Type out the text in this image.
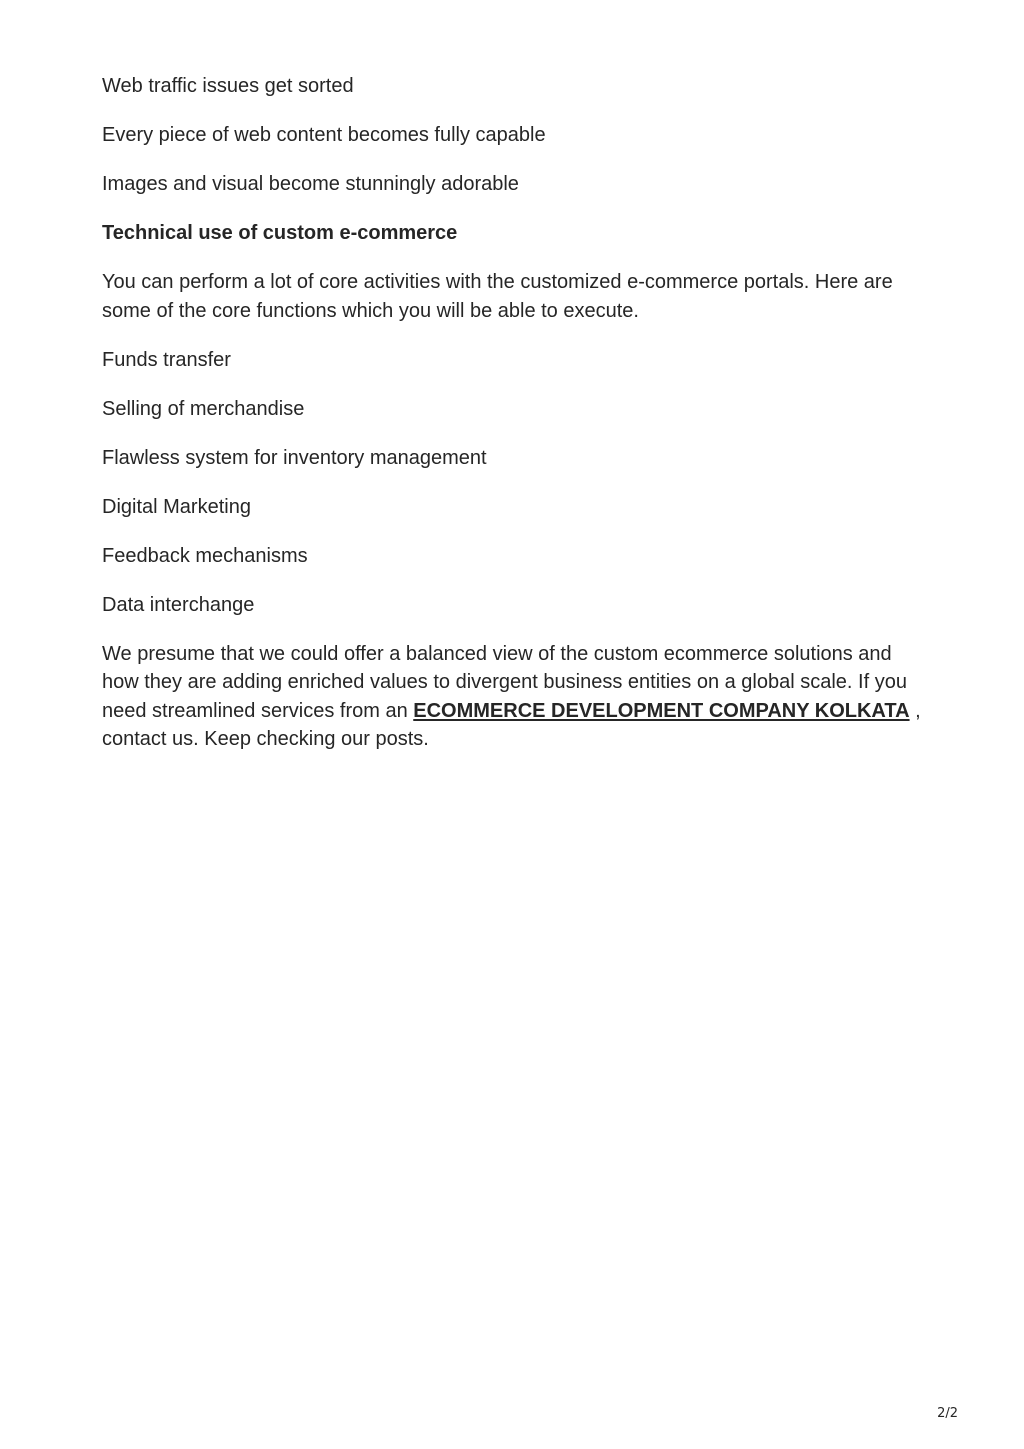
Web traffic issues get sorted

Every piece of web content becomes fully capable

Images and visual become stunningly adorable

Technical use of custom e-commerce

You can perform a lot of core activities with the customized e-commerce portals. Here are some of the core functions which you will be able to execute.

Funds transfer

Selling of merchandise

Flawless system for inventory management

Digital Marketing

Feedback mechanisms

Data interchange

We presume that we could offer a balanced view of the custom ecommerce solutions and how they are adding enriched values to divergent business entities on a global scale. If you need streamlined services from an ECOMMERCE DEVELOPMENT COMPANY KOLKATA , contact us. Keep checking our posts.

2/2
